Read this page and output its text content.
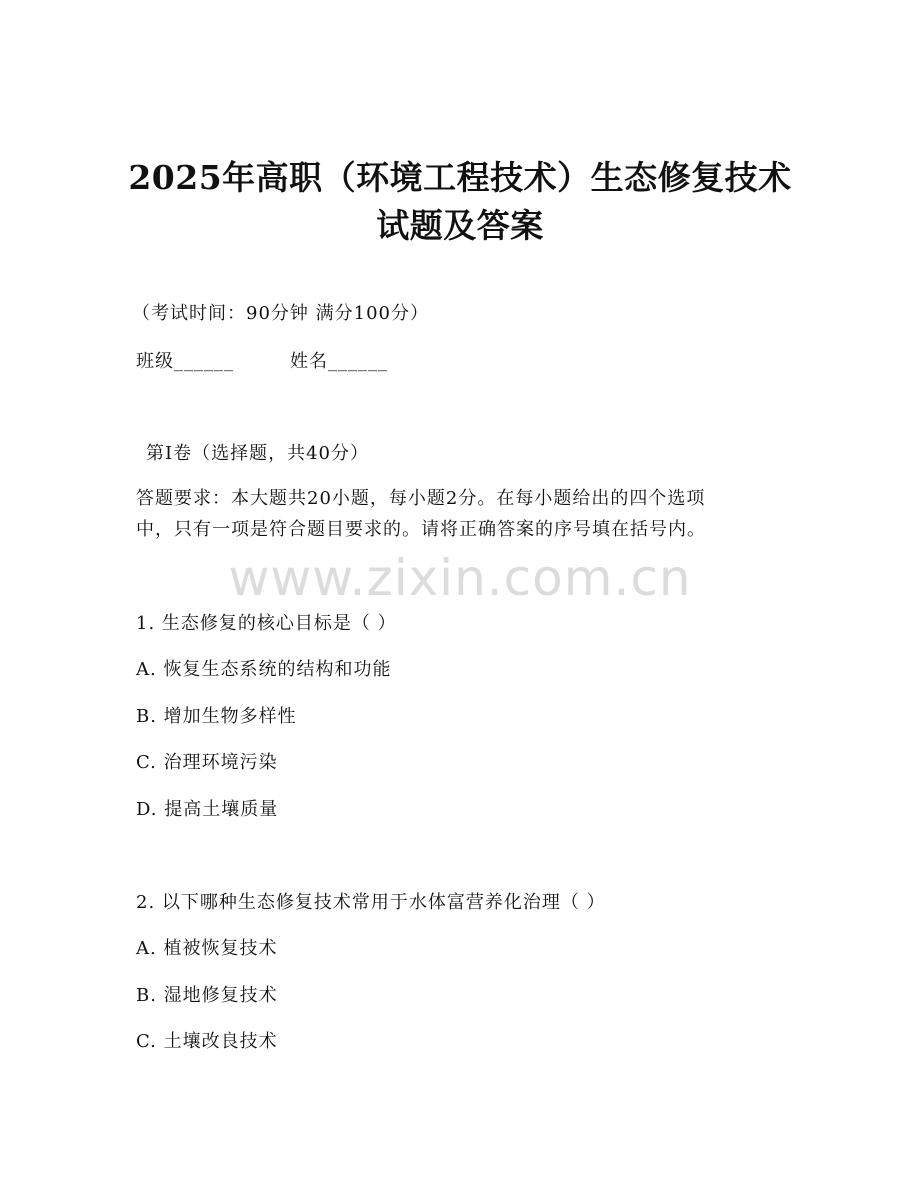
2025年高职（环境工程技术）生态修复技术
试题及答案
（考试时间：90分钟 满分100分）
班级______	姓名______
第Ⅰ卷（选择题，共40分）
答题要求：本大题共20小题，每小题2分。在每小题给出的四个选项
中，只有一项是符合题目要求的。请将正确答案的序号填在括号内。
www.zixin.com.cn
1. 生态修复的核心目标是（ ）
A. 恢复生态系统的结构和功能
B. 增加生物多样性
C. 治理环境污染
D. 提高土壤质量
2. 以下哪种生态修复技术常用于水体富营养化治理（ ）
A. 植被恢复技术
B. 湿地修复技术
C. 土壤改良技术
